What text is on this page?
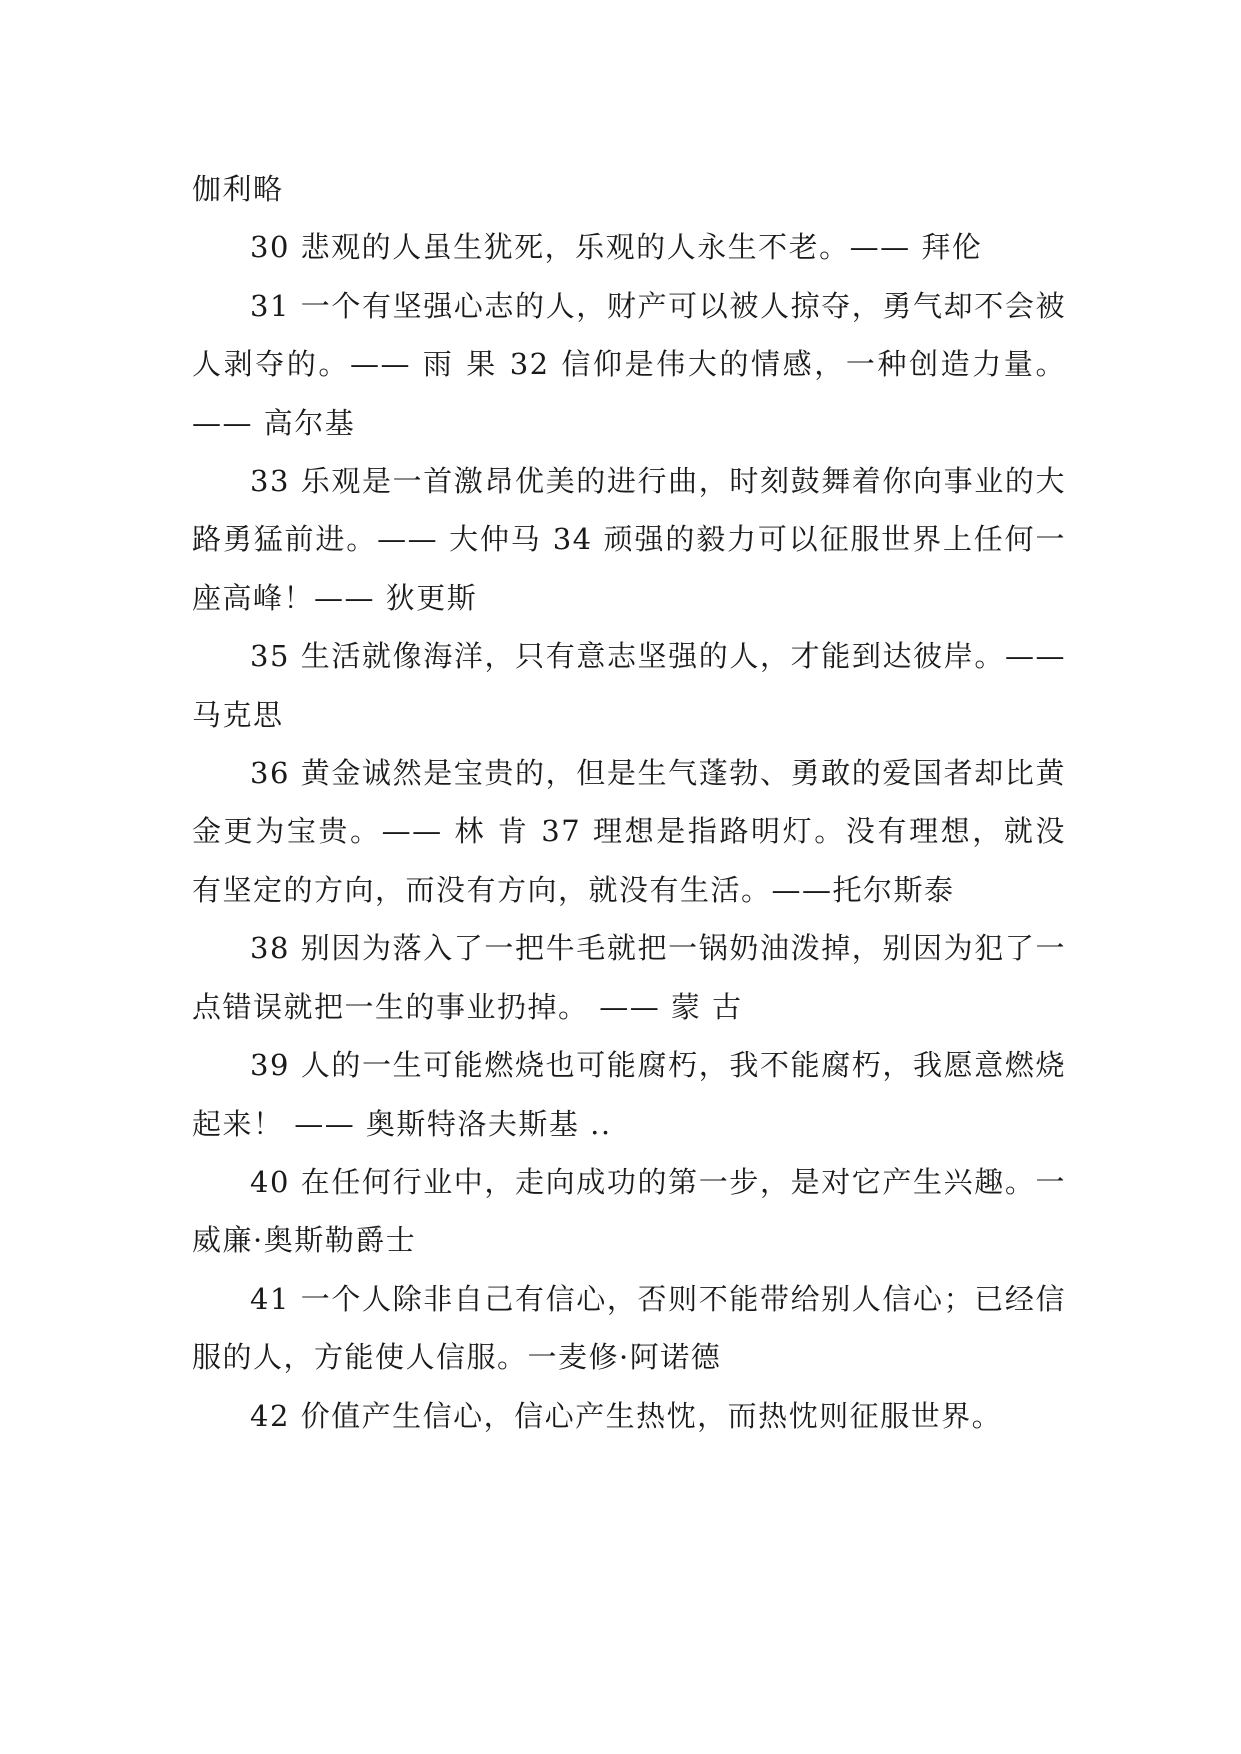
伽利略

30 悲观的人虽生犹死，乐观的人永生不老。—— 拜伦

31 一个有坚强心志的人，财产可以被人掠夺，勇气却不会被人剥夺的。—— 雨 果 32 信仰是伟大的情感，一种创造力量。—— 高尔基

33 乐观是一首激昂优美的进行曲，时刻鼓舞着你向事业的大路勇猛前进。—— 大仲马 34 顽强的毅力可以征服世界上任何一座高峰！—— 狄更斯

35 生活就像海洋，只有意志坚强的人，才能到达彼岸。—— 马克思

36 黄金诚然是宝贵的，但是生气蓬勃、勇敢的爱国者却比黄金更为宝贵。—— 林 肯 37 理想是指路明灯。没有理想，就没有坚定的方向，而没有方向，就没有生活。——托尔斯泰

38 别因为落入了一把牛毛就把一锅奶油泼掉，别因为犯了一点错误就把一生的事业扔掉。 —— 蒙 古

39 人的一生可能燃烧也可能腐朽，我不能腐朽，我愿意燃烧起来！ —— 奥斯特洛夫斯基 ..

40 在任何行业中，走向成功的第一步，是对它产生兴趣。一威廉·奥斯勒爵士

41 一个人除非自己有信心，否则不能带给别人信心；已经信服的人，方能使人信服。一麦修·阿诺德

42 价值产生信心，信心产生热忱，而热忱则征服世界。
